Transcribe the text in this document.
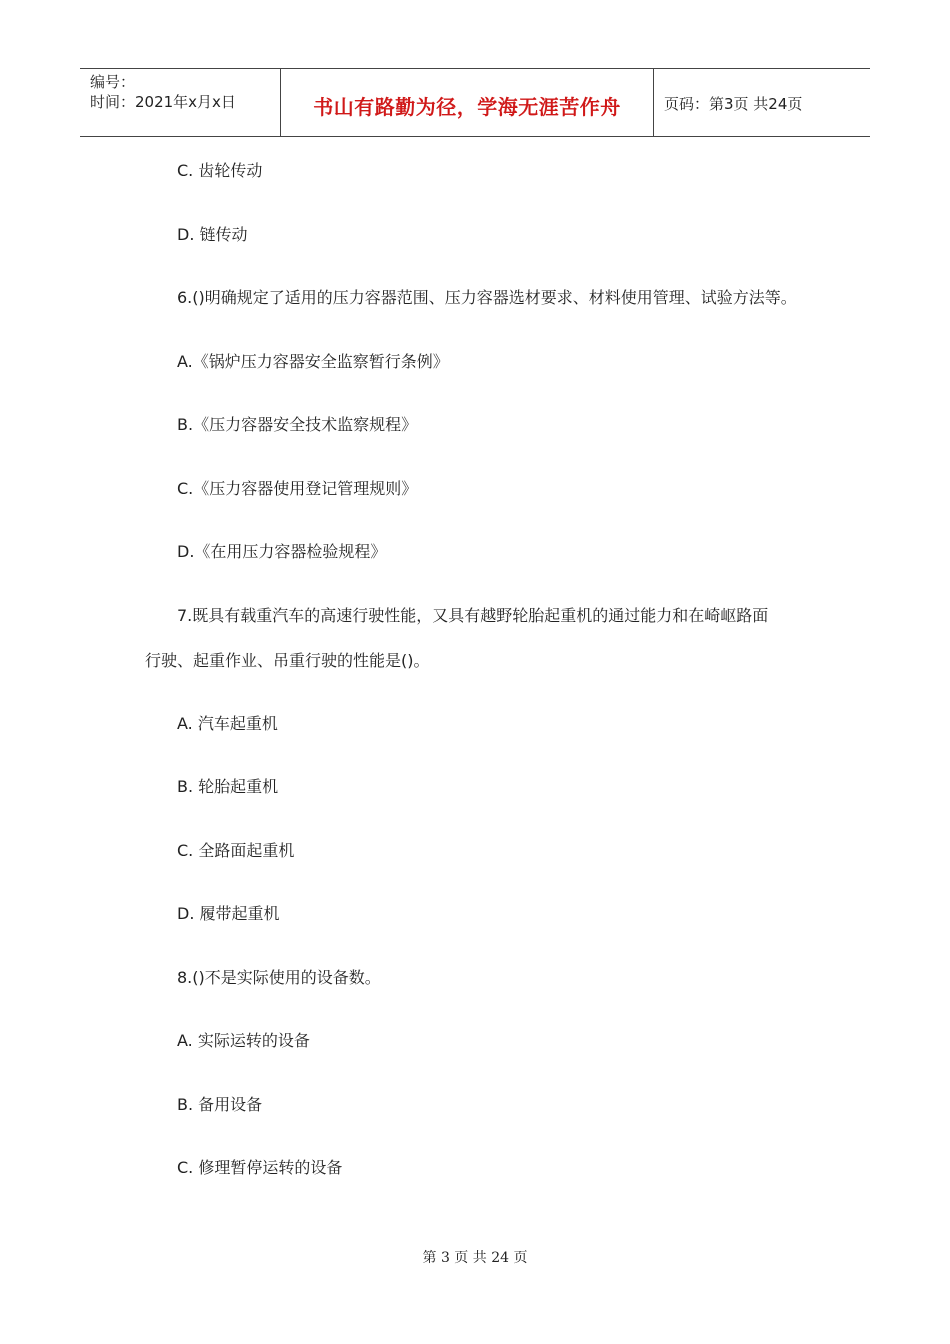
编号：
时间：2021年x月x日	书山有路勤为径，学海无涯苦作舟	页码：第3页 共24页
C. 齿轮传动
D. 链传动
6.()明确规定了适用的压力容器范围、压力容器选材要求、材料使用管理、试验方法等。
A.《锅炉压力容器安全监察暂行条例》
B.《压力容器安全技术监察规程》
C.《压力容器使用登记管理规则》
D.《在用压力容器检验规程》
7.既具有载重汽车的高速行驶性能，又具有越野轮胎起重机的通过能力和在崎岖路面
行驶、起重作业、吊重行驶的性能是()。
A. 汽车起重机
B. 轮胎起重机
C. 全路面起重机
D. 履带起重机
8.()不是实际使用的设备数。
A. 实际运转的设备
B. 备用设备
C. 修理暂停运转的设备
第 3 页 共 24 页
